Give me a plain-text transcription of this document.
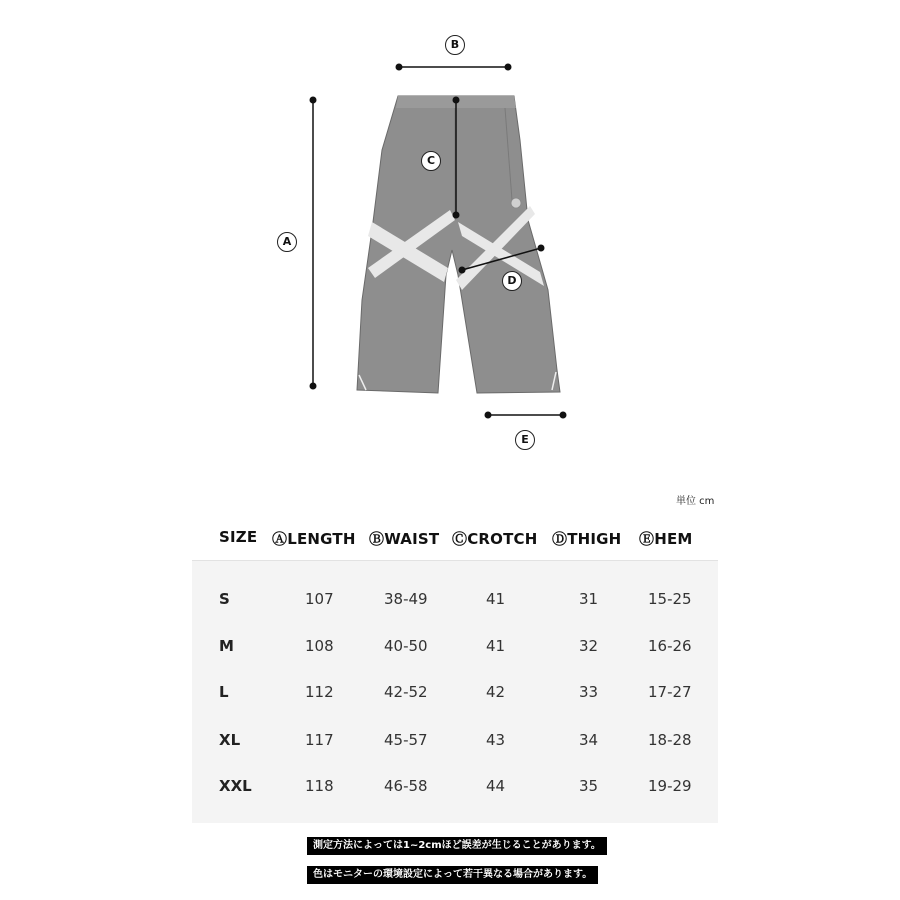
A
B
C
D
E
単位 cm
SIZE ⒶLENGTH ⒷWAIST ⒸCROTCH ⒹTHIGH ⒺHEM
S	107	38-49	41	31	15-25
M	108	40-50	41	32	16-26
L	112	42-52	42	33	17-27
XL	117	45-57	43	34	18-28
XXL	118	46-58	44	35	19-29
測定方法によっては1~2cmほど誤差が生じることがあります。
色はモニターの環境設定によって若干異なる場合があります。
